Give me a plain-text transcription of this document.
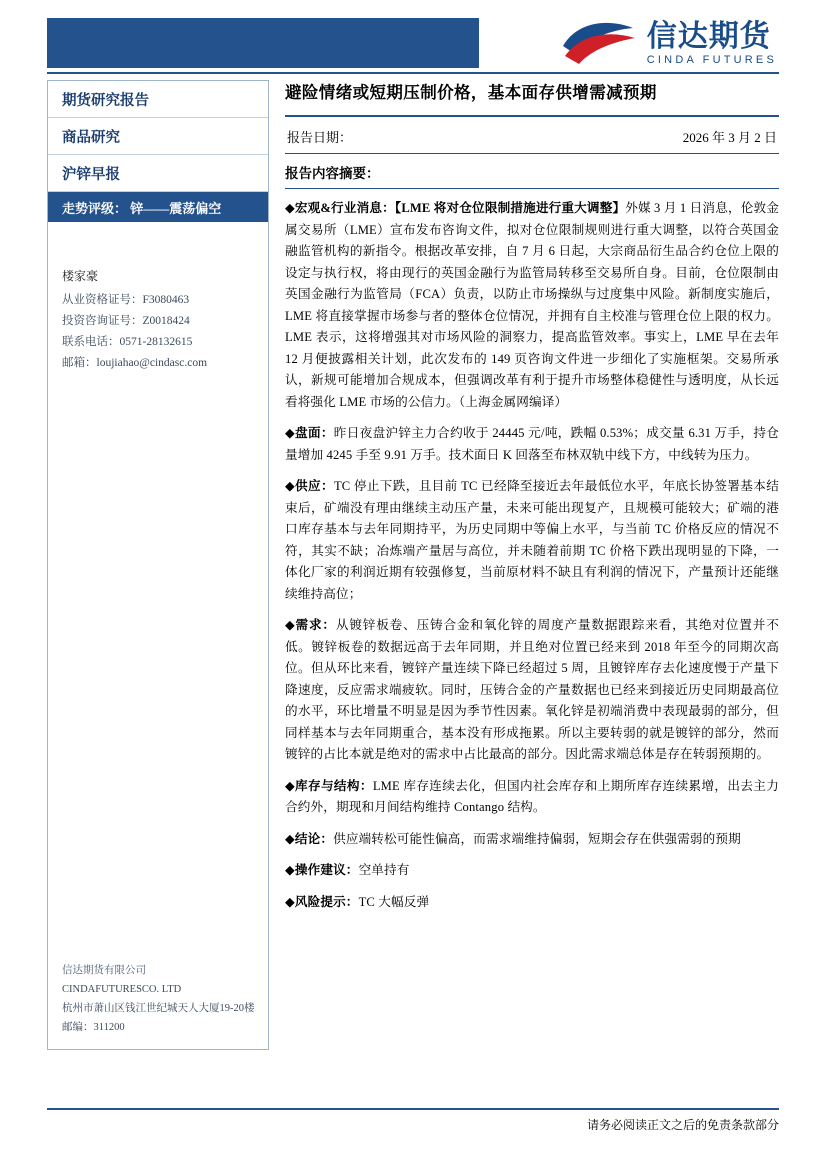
信达期货
CINDA FUTURES
期货研究报告
商品研究
沪锌早报
走势评级： 锌——震荡偏空
楼家豪
从业资格证号：F3080463
投资咨询证号：Z0018424
联系电话：0571-28132615
邮箱：loujiahao@cindasc.com
信达期货有限公司
CINDAFUTURESCO. LTD
杭州市萧山区钱江世纪城天人大厦19-20楼
邮编：311200
避险情绪或短期压制价格，基本面存供增需减预期
报告日期：	2026 年 3 月 2 日
报告内容摘要：
◆宏观&行业消息：【LME 将对仓位限制措施进行重大调整】外媒 3 月 1 日消息，伦敦金属交易所（LME）宣布发布咨询文件，拟对仓位限制规则进行重大调整，以符合英国金融监管机构的新指令。根据改革安排，自 7 月 6 日起，大宗商品衍生品合约仓位上限的设定与执行权，将由现行的英国金融行为监管局转移至交易所自身。目前，仓位限制由英国金融行为监管局（FCA）负责，以防止市场操纵与过度集中风险。新制度实施后，LME 将直接掌握市场参与者的整体仓位情况，并拥有自主校准与管理仓位上限的权力。LME 表示，这将增强其对市场风险的洞察力，提高监管效率。事实上，LME 早在去年 12 月便披露相关计划，此次发布的 149 页咨询文件进一步细化了实施框架。交易所承认，新规可能增加合规成本，但强调改革有利于提升市场整体稳健性与透明度，从长远看将强化 LME 市场的公信力。（上海金属网编译）
◆盘面：昨日夜盘沪锌主力合约收于 24445 元/吨，跌幅 0.53%；成交量 6.31 万手，持仓量增加 4245 手至 9.91 万手。技术面日 K 回落至布林双轨中线下方，中线转为压力。
◆供应：TC 停止下跌，且目前 TC 已经降至接近去年最低位水平，年底长协签署基本结束后，矿端没有理由继续主动压产量，未来可能出现复产，且规模可能较大；矿端的港口库存基本与去年同期持平，为历史同期中等偏上水平，与当前 TC 价格反应的情况不符，其实不缺；冶炼端产量居与高位，并未随着前期 TC 价格下跌出现明显的下降，一体化厂家的利润近期有较强修复，当前原材料不缺且有利润的情况下，产量预计还能继续维持高位；
◆需求：从镀锌板卷、压铸合金和氧化锌的周度产量数据跟踪来看，其绝对位置并不低。镀锌板卷的数据远高于去年同期，并且绝对位置已经来到 2018 年至今的同期次高位。但从环比来看，镀锌产量连续下降已经超过 5 周，且镀锌库存去化速度慢于产量下降速度，反应需求端疲软。同时，压铸合金的产量数据也已经来到接近历史同期最高位的水平，环比增量不明显是因为季节性因素。氧化锌是初端消费中表现最弱的部分，但同样基本与去年同期重合，基本没有形成拖累。所以主要转弱的就是镀锌的部分，然而镀锌的占比本就是绝对的需求中占比最高的部分。因此需求端总体是存在转弱预期的。
◆库存与结构：LME 库存连续去化，但国内社会库存和上期所库存连续累增，出去主力合约外，期现和月间结构维持 Contango 结构。
◆结论：供应端转松可能性偏高，而需求端维持偏弱，短期会存在供强需弱的预期
◆操作建议：空单持有
◆风险提示：TC 大幅反弹
请务必阅读正文之后的免责条款部分
